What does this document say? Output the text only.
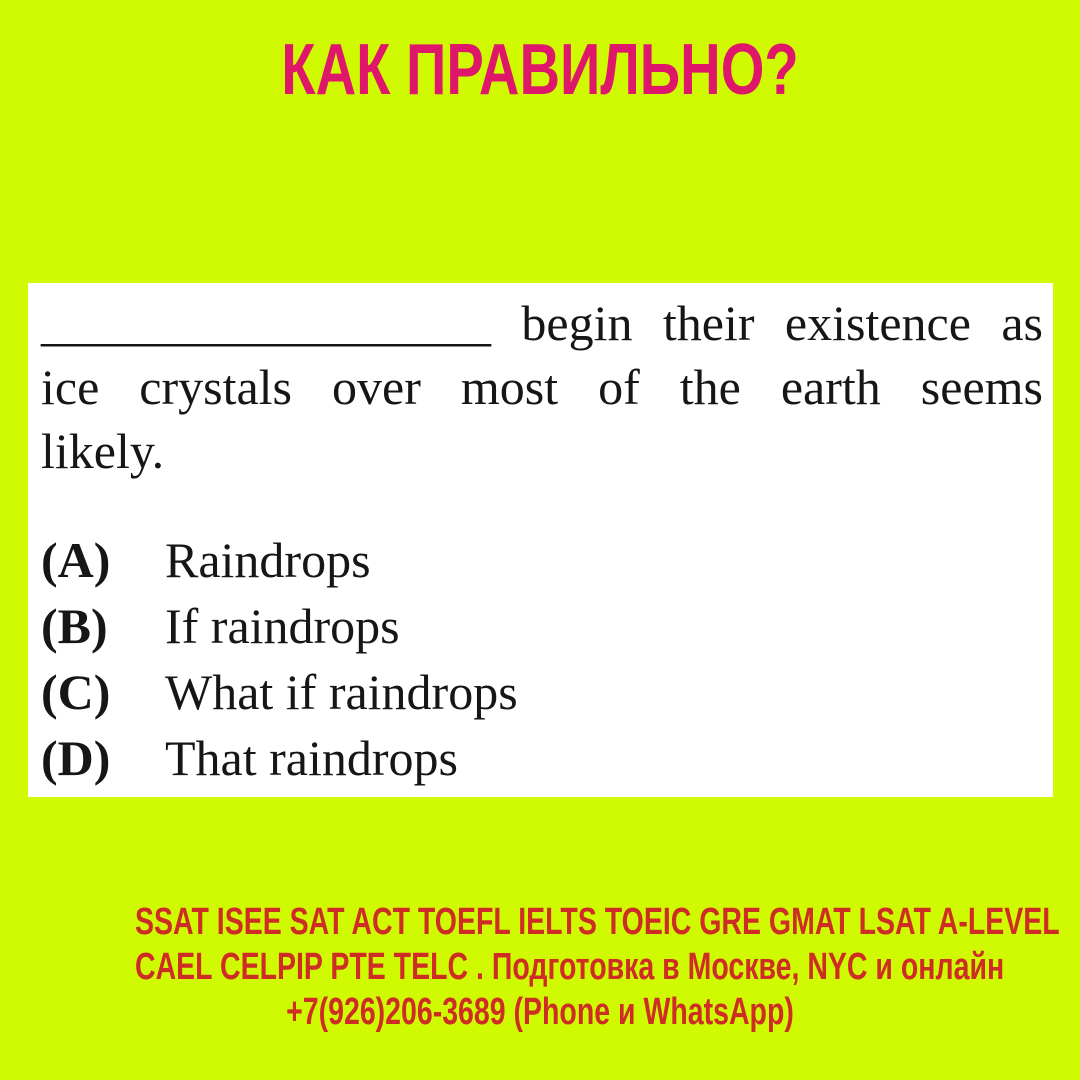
КАК ПРАВИЛЬНО?
__________________ begin their existence as
ice crystals over most of the earth seems
likely.
(A)	Raindrops
(B)	If raindrops
(C)	What if raindrops
(D)	That raindrops
SSAT ISEE SAT ACT TOEFL IELTS TOEIC GRE GMAT LSAT A-LEVEL
CAEL CELPIP PTE TELC . Подготовка в Москве, NYC и онлайн
+7(926)206-3689 (Phone и WhatsApp)
